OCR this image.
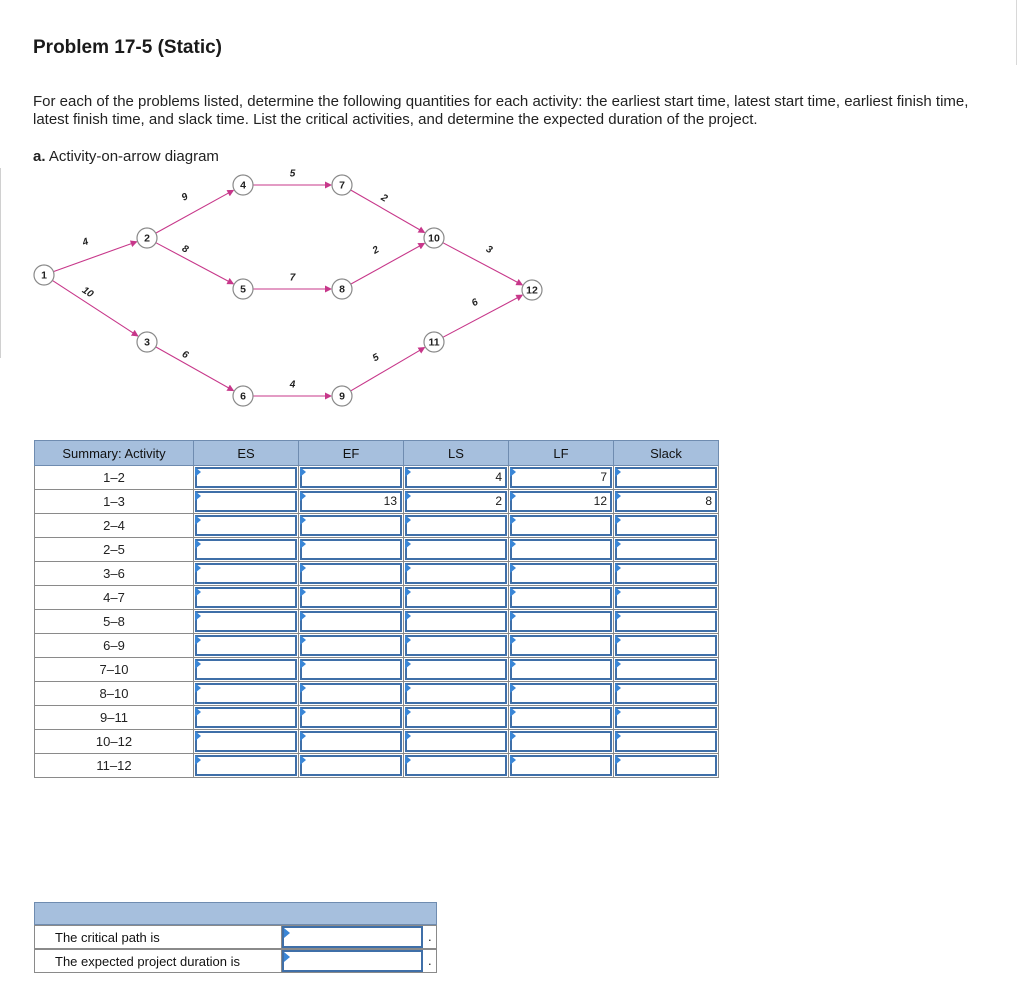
Problem 17-5 (Static)
For each of the problems listed, determine the following quantities for each activity: the earliest start time, latest start time, earliest finish time, latest finish time, and slack time. List the critical activities, and determine the expected duration of the project.
a. Activity-on-arrow diagram
4
10
9
8
6
5
7
4
2
2
5
3
6
1
2
3
4
5
6
7
8
9
10
11
12
Summary: Activity	ES	EF	LS	LF	Slack
1–2			4	7	

1–3		13	2	12	8

2–4	

2–5	

3–6	

4–7	

5–8	

6–9	

7–10	

8–10	

9–11	

10–12	

11–12	

The critical path is	.
The expected project duration is	.
